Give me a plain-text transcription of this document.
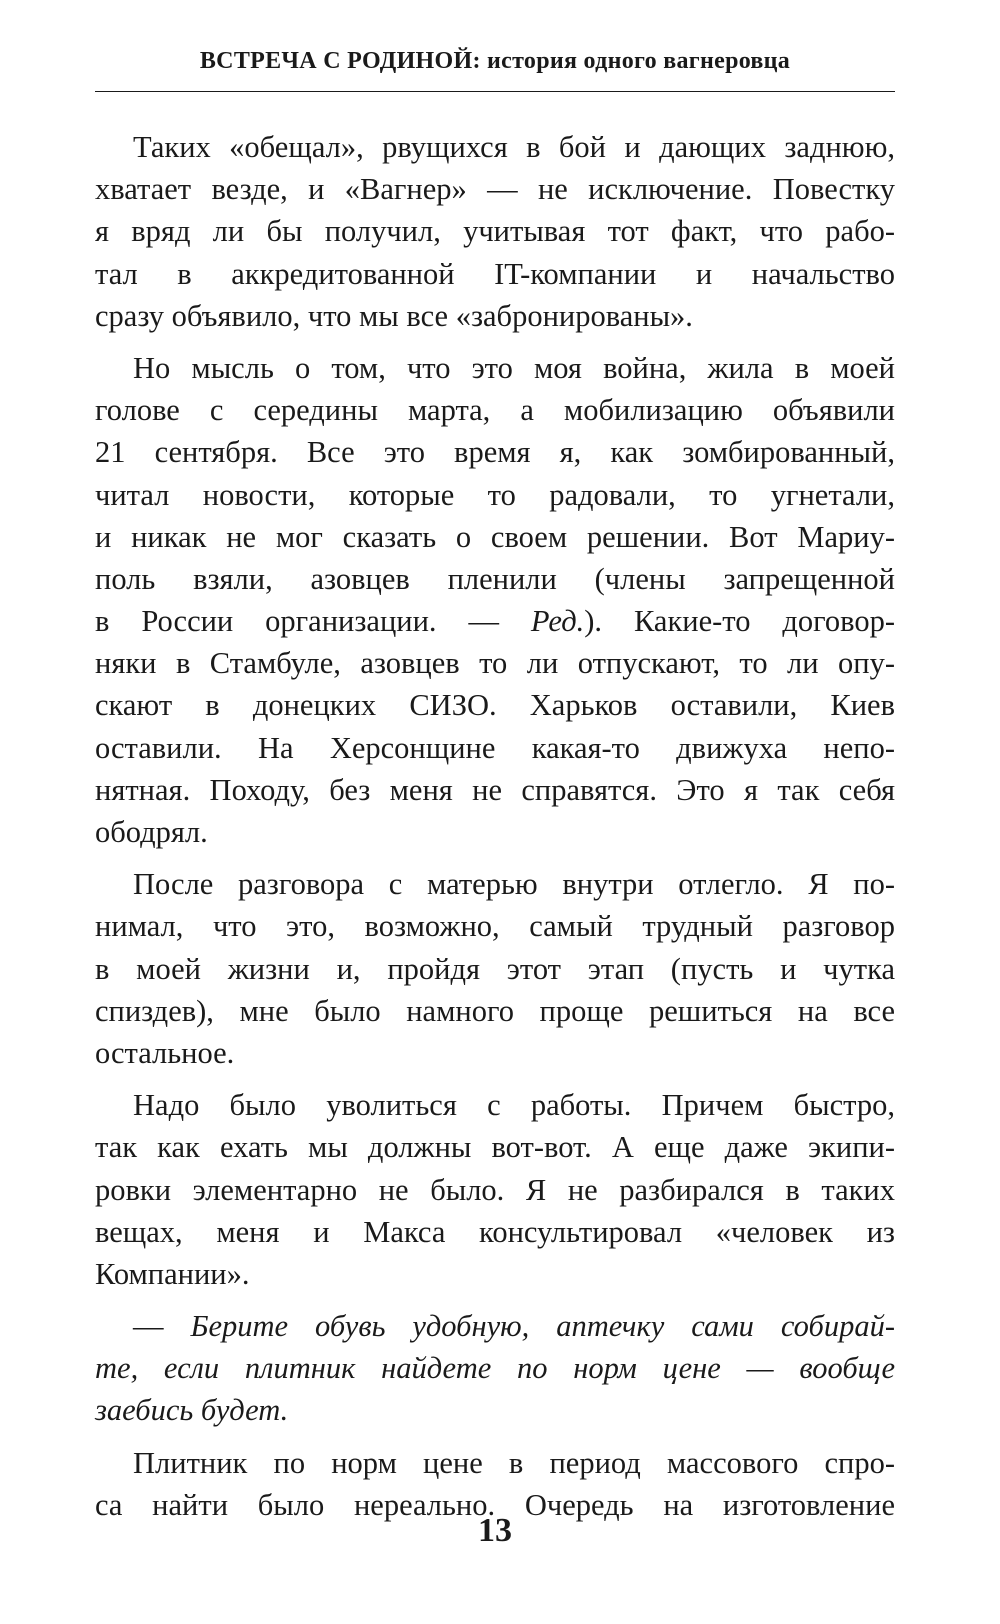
ВСТРЕЧА С РОДИНОЙ: история одного вагнеровца
Таких «обещал», рвущихся в бой и дающих заднюю,
хватает везде, и «Вагнер» — не исключение. Повестку
я вряд ли бы получил, учитывая тот факт, что рабо-
тал в аккредитованной IT-компании и начальство
сразу объявило, что мы все «забронированы».
Но мысль о том, что это моя война, жила в моей
голове с середины марта, а мобилизацию объявили
21 сентября. Все это время я, как зомбированный,
читал новости, которые то радовали, то угнетали,
и никак не мог сказать о своем решении. Вот Мариу-
поль взяли, азовцев пленили (члены запрещенной
в России организации. — Ред.). Какие-то договор-
няки в Стамбуле, азовцев то ли отпускают, то ли опу-
скают в донецких СИЗО. Харьков оставили, Киев
оставили. На Херсонщине какая-то движуха непо-
нятная. Походу, без меня не справятся. Это я так себя
ободрял.
После разговора с матерью внутри отлегло. Я по-
нимал, что это, возможно, самый трудный разговор
в моей жизни и, пройдя этот этап (пусть и чутка
спиздев), мне было намного проще решиться на все
остальное.
Надо было уволиться с работы. Причем быстро,
так как ехать мы должны вот-вот. А еще даже экипи-
ровки элементарно не было. Я не разбирался в таких
вещах, меня и Макса консультировал «человек из
Компании».
— Берите обувь удобную, аптечку сами собирай-
те, если плитник найдете по норм цене — вообще
заебись будет.
Плитник по норм цене в период массового спро-
са найти было нереально. Очередь на изготовление
13
